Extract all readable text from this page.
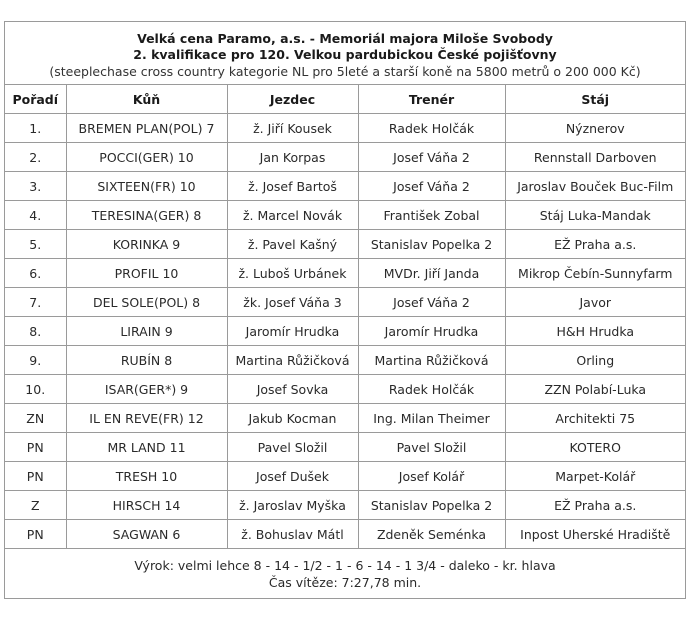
Velká cena Paramo, a.s. - Memoriál majora Miloše Svobody
2. kvalifikace pro 120. Velkou pardubickou České pojišťovny
(steeplechase cross country kategorie NL pro 5leté a starší koně na 5800 metrů o 200 000 Kč)
Pořadí	Kůň	Jezdec	Trenér	Stáj
1.	BREMEN PLAN(POL) 7	ž. Jiří Kousek	Radek Holčák	Nýznerov
2.	POCCI(GER) 10	Jan Korpas	Josef Váňa 2	Rennstall Darboven
3.	SIXTEEN(FR) 10	ž. Josef Bartoš	Josef Váňa 2	Jaroslav Bouček Buc-Film
4.	TERESINA(GER) 8	ž. Marcel Novák	František Zobal	Stáj Luka-Mandak
5.	KORINKA 9	ž. Pavel Kašný	Stanislav Popelka 2	EŽ Praha a.s.
6.	PROFIL 10	ž. Luboš Urbánek	MVDr. Jiří Janda	Mikrop Čebín-Sunnyfarm
7.	DEL SOLE(POL) 8	žk. Josef Váňa 3	Josef Váňa 2	Javor
8.	LIRAIN 9	Jaromír Hrudka	Jaromír Hrudka	H&H Hrudka
9.	RUBÍN 8	Martina Růžičková	Martina Růžičková	Orling
10.	ISAR(GER*) 9	Josef Sovka	Radek Holčák	ZZN Polabí-Luka
ZN	IL EN REVE(FR) 12	Jakub Kocman	Ing. Milan Theimer	Architekti 75
PN	MR LAND 11	Pavel Složil	Pavel Složil	KOTERO
PN	TRESH 10	Josef Dušek	Josef Kolář	Marpet-Kolář
Z	HIRSCH 14	ž. Jaroslav Myška	Stanislav Popelka 2	EŽ Praha a.s.
PN	SAGWAN 6	ž. Bohuslav Mátl	Zdeněk Seménka	Inpost Uherské Hradiště
Výrok: velmi lehce 8 - 14 - 1/2 - 1 - 6 - 14 - 1 3/4 - daleko - kr. hlava
Čas vítěze: 7:27,78 min.
